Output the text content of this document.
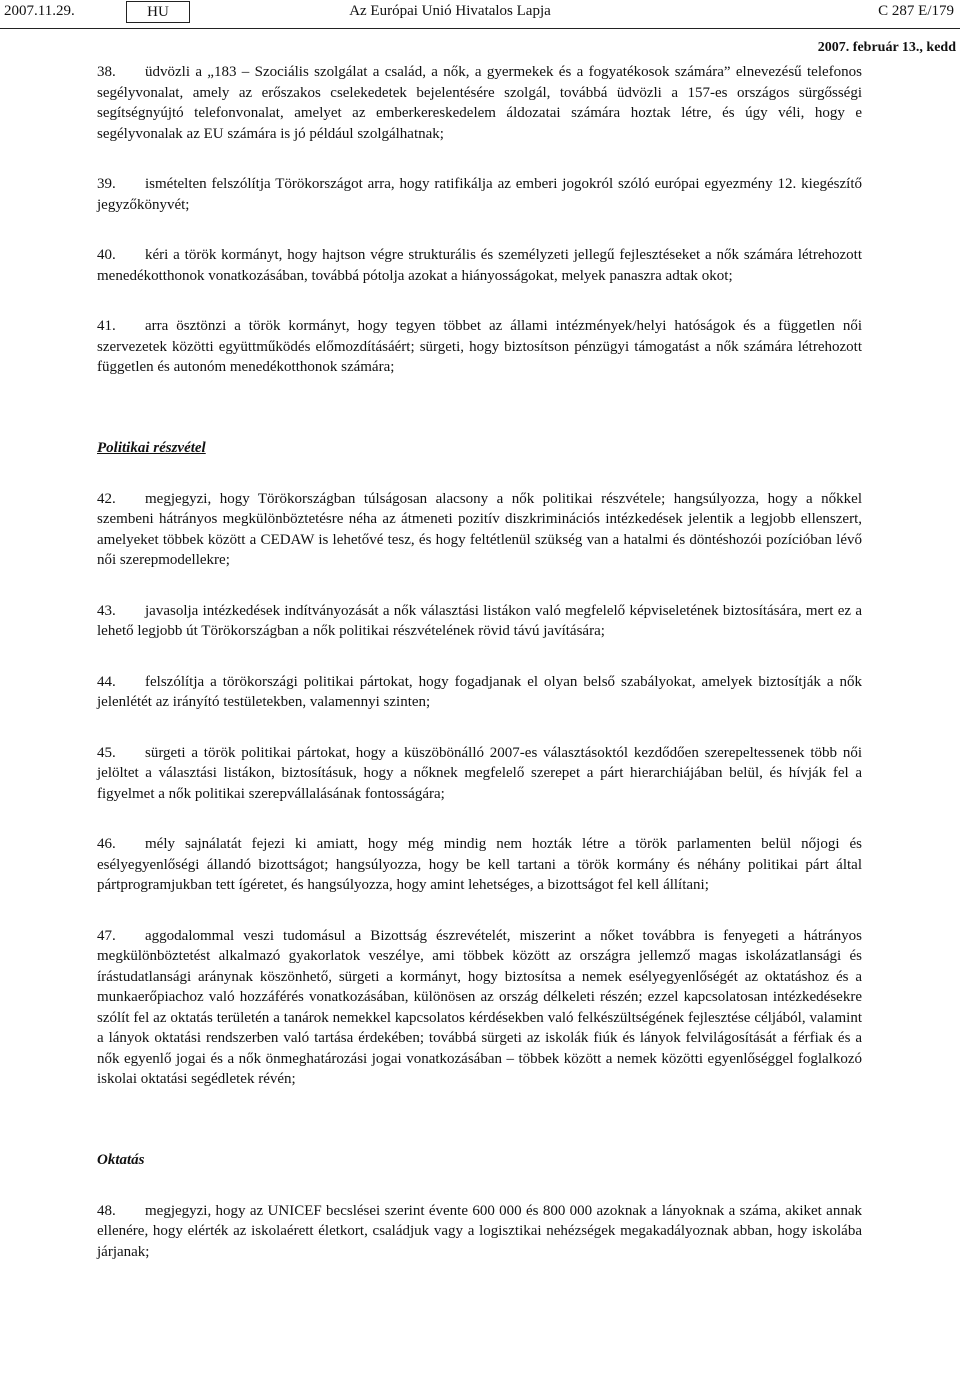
2007.11.29.	HU	Az Európai Unió Hivatalos Lapja	C 287 E/179
2007. február 13., kedd

38. üdvözli a „183 – Szociális szolgálat a család, a nők, a gyermekek és a fogyatékosok számára” elnevezésű telefonos segélyvonalat, amely az erőszakos cselekedetek bejelentésére szolgál, továbbá üdvözli a 157-es országos sürgősségi segítségnyújtó telefonvonalat, amelyet az emberkereskedelem áldozatai számára hoztak létre, és úgy véli, hogy e segélyvonalak az EU számára is jó például szolgálhatnak;

39. ismételten felszólítja Törökországot arra, hogy ratifikálja az emberi jogokról szóló európai egyezmény 12. kiegészítő jegyzőkönyvét;

40. kéri a török kormányt, hogy hajtson végre strukturális és személyzeti jellegű fejlesztéseket a nők számára létrehozott menedékotthonok vonatkozásában, továbbá pótolja azokat a hiányosságokat, melyek panaszra adtak okot;

41. arra ösztönzi a török kormányt, hogy tegyen többet az állami intézmények/helyi hatóságok és a független női szervezetek közötti együttműködés előmozdításáért; sürgeti, hogy biztosítson pénzügyi támogatást a nők számára létrehozott független és autonóm menedékotthonok számára;

Politikai részvétel

42. megjegyzi, hogy Törökországban túlságosan alacsony a nők politikai részvétele; hangsúlyozza, hogy a nőkkel szembeni hátrányos megkülönböztetésre néha az átmeneti pozitív diszkriminációs intézkedések jelentik a legjobb ellenszert, amelyeket többek között a CEDAW is lehetővé tesz, és hogy feltétlenül szükség van a hatalmi és döntéshozói pozícióban lévő női szerepmodellekre;

43. javasolja intézkedések indítványozását a nők választási listákon való megfelelő képviseletének biztosítására, mert ez a lehető legjobb út Törökországban a nők politikai részvételének rövid távú javítására;

44. felszólítja a törökországi politikai pártokat, hogy fogadjanak el olyan belső szabályokat, amelyek biztosítják a nők jelenlétét az irányító testületekben, valamennyi szinten;

45. sürgeti a török politikai pártokat, hogy a küszöbönálló 2007-es választásoktól kezdődően szerepeltessenek több női jelöltet a választási listákon, biztosításuk, hogy a nőknek megfelelő szerepet a párt hierarchiájában belül, és hívják fel a figyelmet a nők politikai szerepvállalásának fontosságára;

46. mély sajnálatát fejezi ki amiatt, hogy még mindig nem hozták létre a török parlamenten belül nőjogi és esélyegyenlőségi állandó bizottságot; hangsúlyozza, hogy be kell tartani a török kormány és néhány politikai párt által pártprogramjukban tett ígéretet, és hangsúlyozza, hogy amint lehetséges, a bizottságot fel kell állítani;

47. aggodalommal veszi tudomásul a Bizottság észrevételét, miszerint a nőket továbbra is fenyegeti a hátrányos megkülönböztetést alkalmazó gyakorlatok veszélye, ami többek között az országra jellemző magas iskolázatlansági és írástudatlansági aránynak köszönhető, sürgeti a kormányt, hogy biztosítsa a nemek esélyegyenlőségét az oktatáshoz és a munkaerőpiachoz való hozzáférés vonatkozásában, különösen az ország délkeleti részén; ezzel kapcsolatosan intézkedésekre szólít fel az oktatás területén a tanárok nemekkel kapcsolatos kérdésekben való felkészültségének fejlesztése céljából, valamint a lányok oktatási rendszerben való tartása érdekében; továbbá sürgeti az iskolák fiúk és lányok felvilágosítását a férfiak és a nők egyenlő jogai és a nők önmeghatározási jogai vonatkozásában – többek között a nemek közötti egyenlőséggel foglalkozó iskolai oktatási segédletek révén;

Oktatás

48. megjegyzi, hogy az UNICEF becslései szerint évente 600 000 és 800 000 azoknak a lányoknak a száma, akiket annak ellenére, hogy elérték az iskolaérett életkort, családjuk vagy a logisztikai nehézségek megakadályoznak abban, hogy iskolába járjanak;
